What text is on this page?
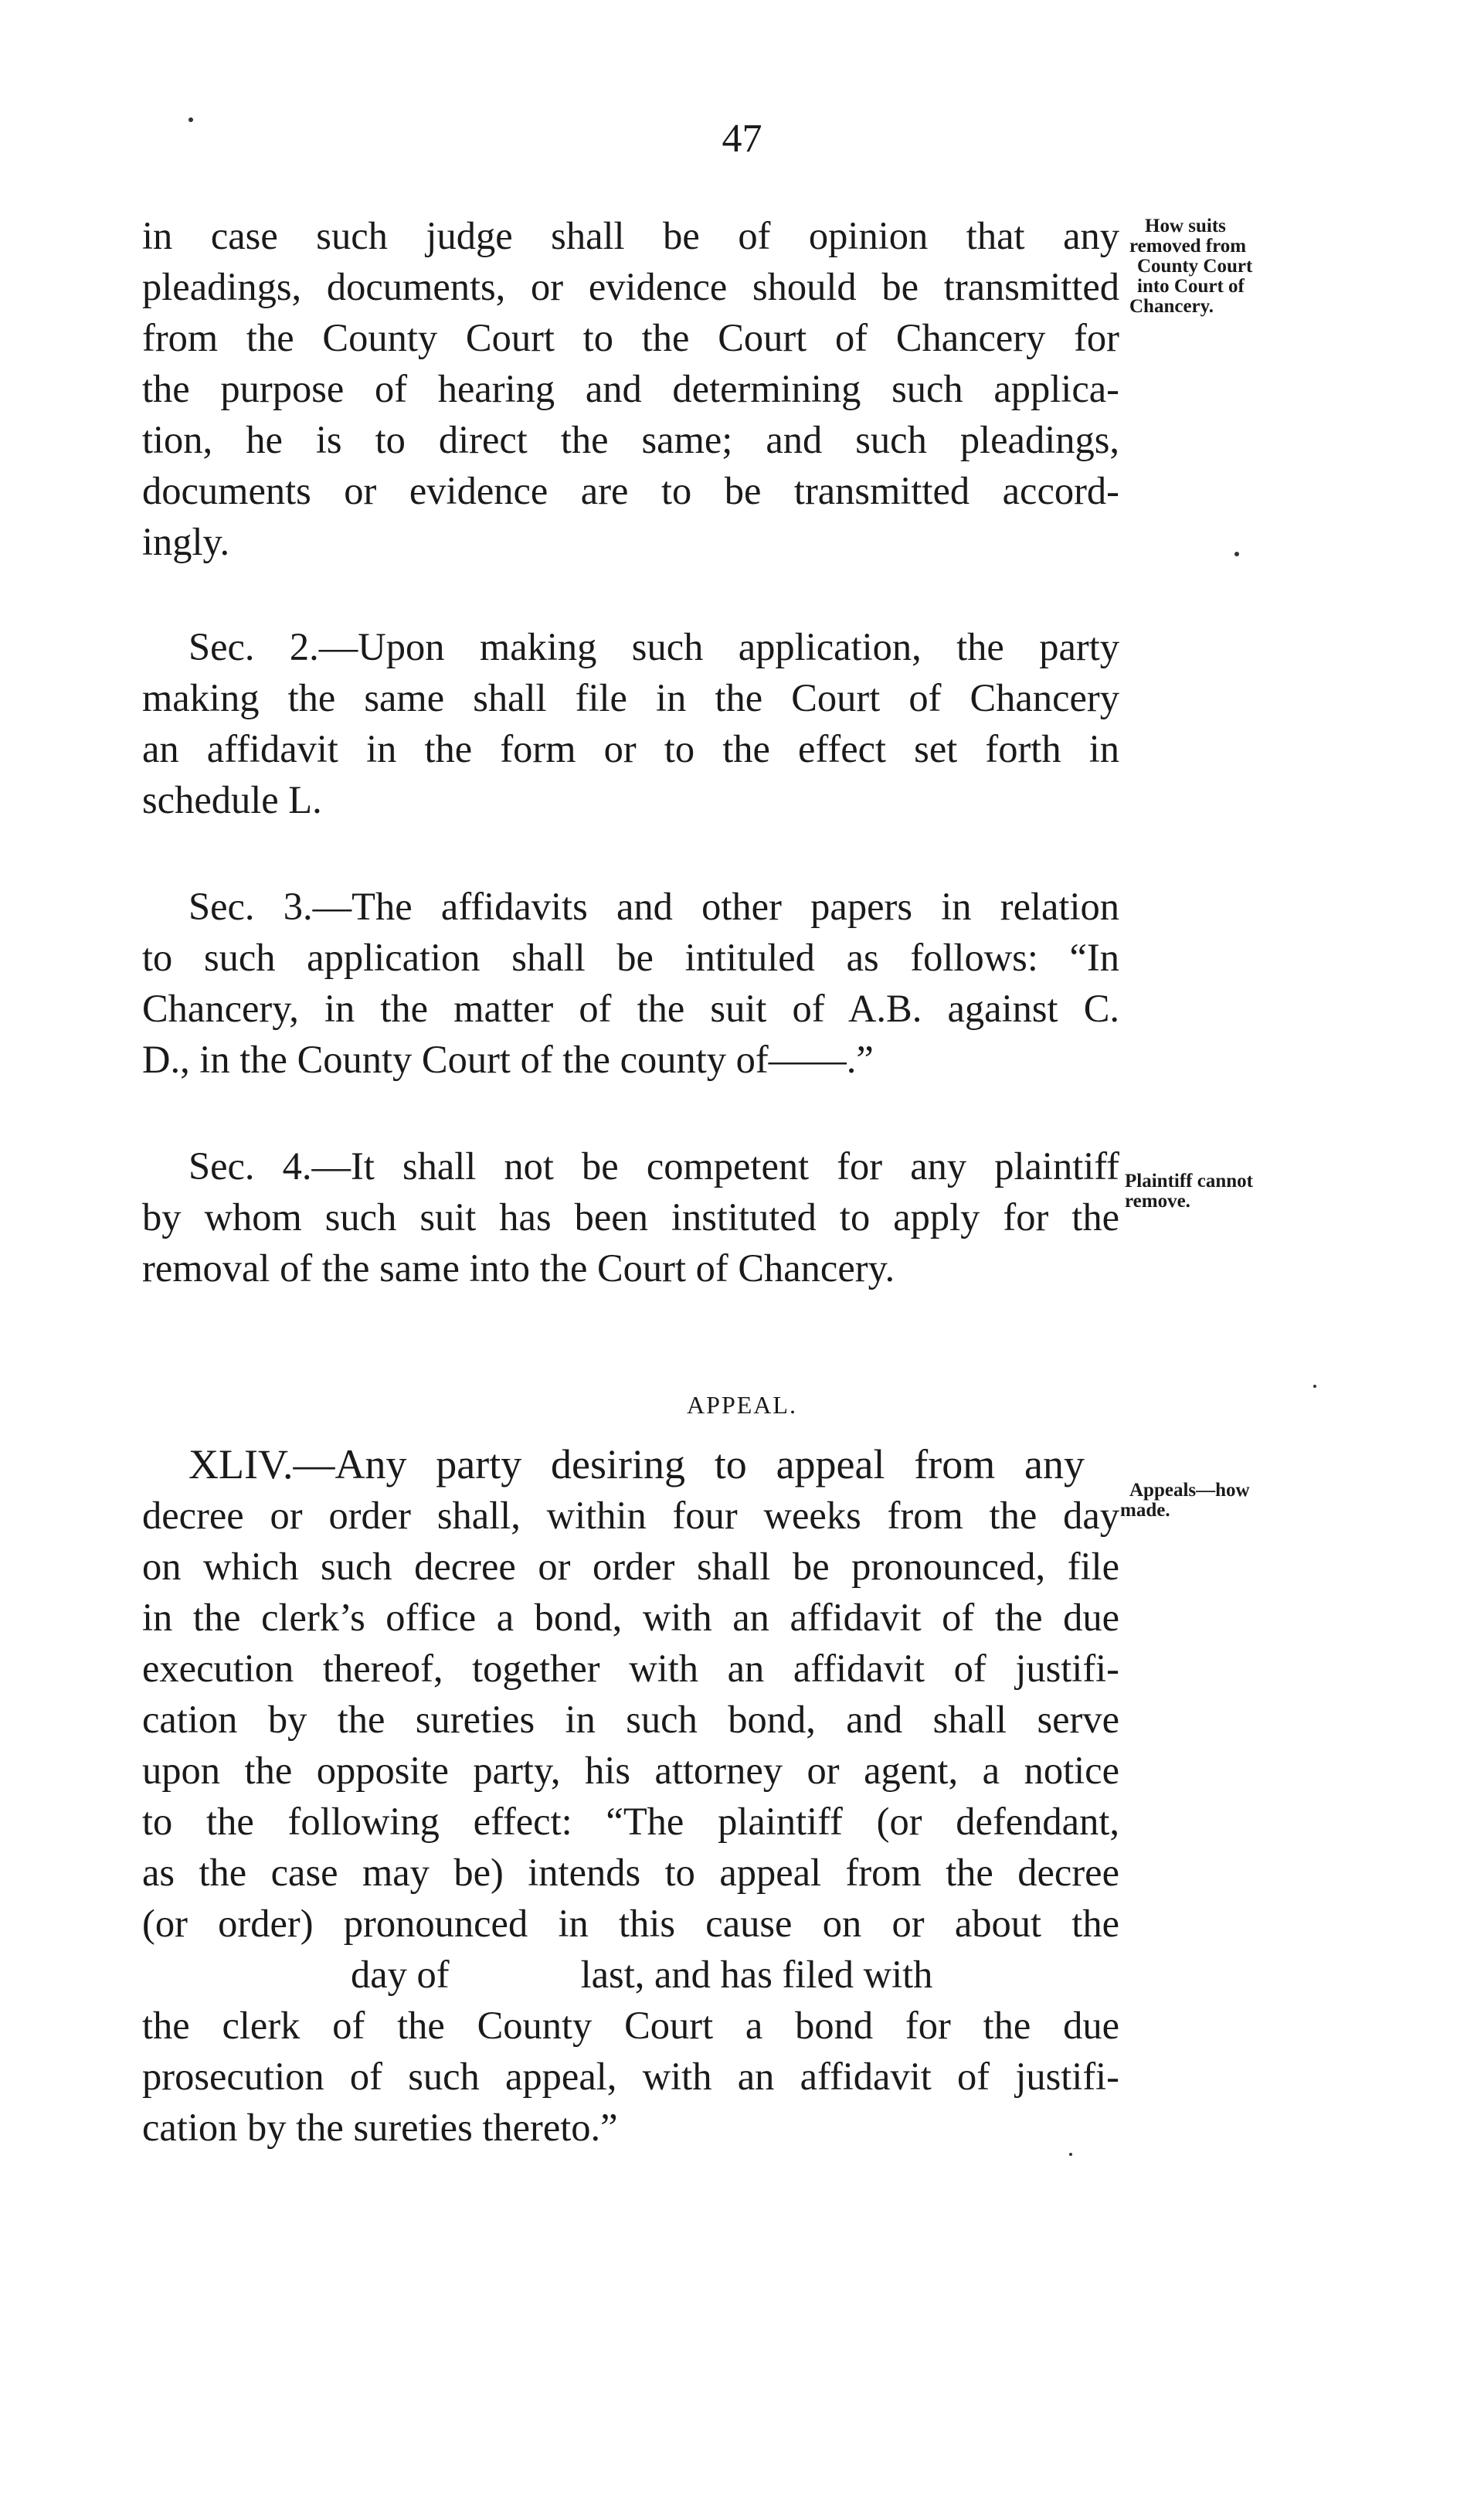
47
in case such judge shall be of opinion that any
pleadings, documents, or evidence should be transmitted
from the County Court to the Court of Chancery for
the purpose of hearing and determining such applica-
tion, he is to direct the same; and such pleadings,
documents or evidence are to be transmitted accord-
ingly.
How suits
removed from
County Court
into Court of
Chancery.
Sec. 2.—Upon making such application, the party
making the same shall file in the Court of Chancery
an affidavit in the form or to the effect set forth in
schedule L.
Sec. 3.—The affidavits and other papers in relation
to such application shall be intituled as follows: “In
Chancery, in the matter of the suit of A.B. against C.
D., in the County Court of the county of——.”
Sec. 4.—It shall not be competent for any plaintiff
by whom such suit has been instituted to apply for the
removal of the same into the Court of Chancery.
Plaintiff cannot
remove.
APPEAL.
XLIV.—Any party desiring to appeal from any
decree or order shall, within four weeks from the day
on which such decree or order shall be pronounced, file
in the clerk’s office a bond, with an affidavit of the due
execution thereof, together with an affidavit of justifi-
cation by the sureties in such bond, and shall serve
upon the opposite party, his attorney or agent, a notice
to the following effect: “The plaintiff (or defendant,
as the case may be) intends to appeal from the decree
(or order) pronounced in this cause on or about the
day of	last, and has filed with
the clerk of the County Court a bond for the due
prosecution of such appeal, with an affidavit of justifi-
cation by the sureties thereto.”
Appeals—how
made.
